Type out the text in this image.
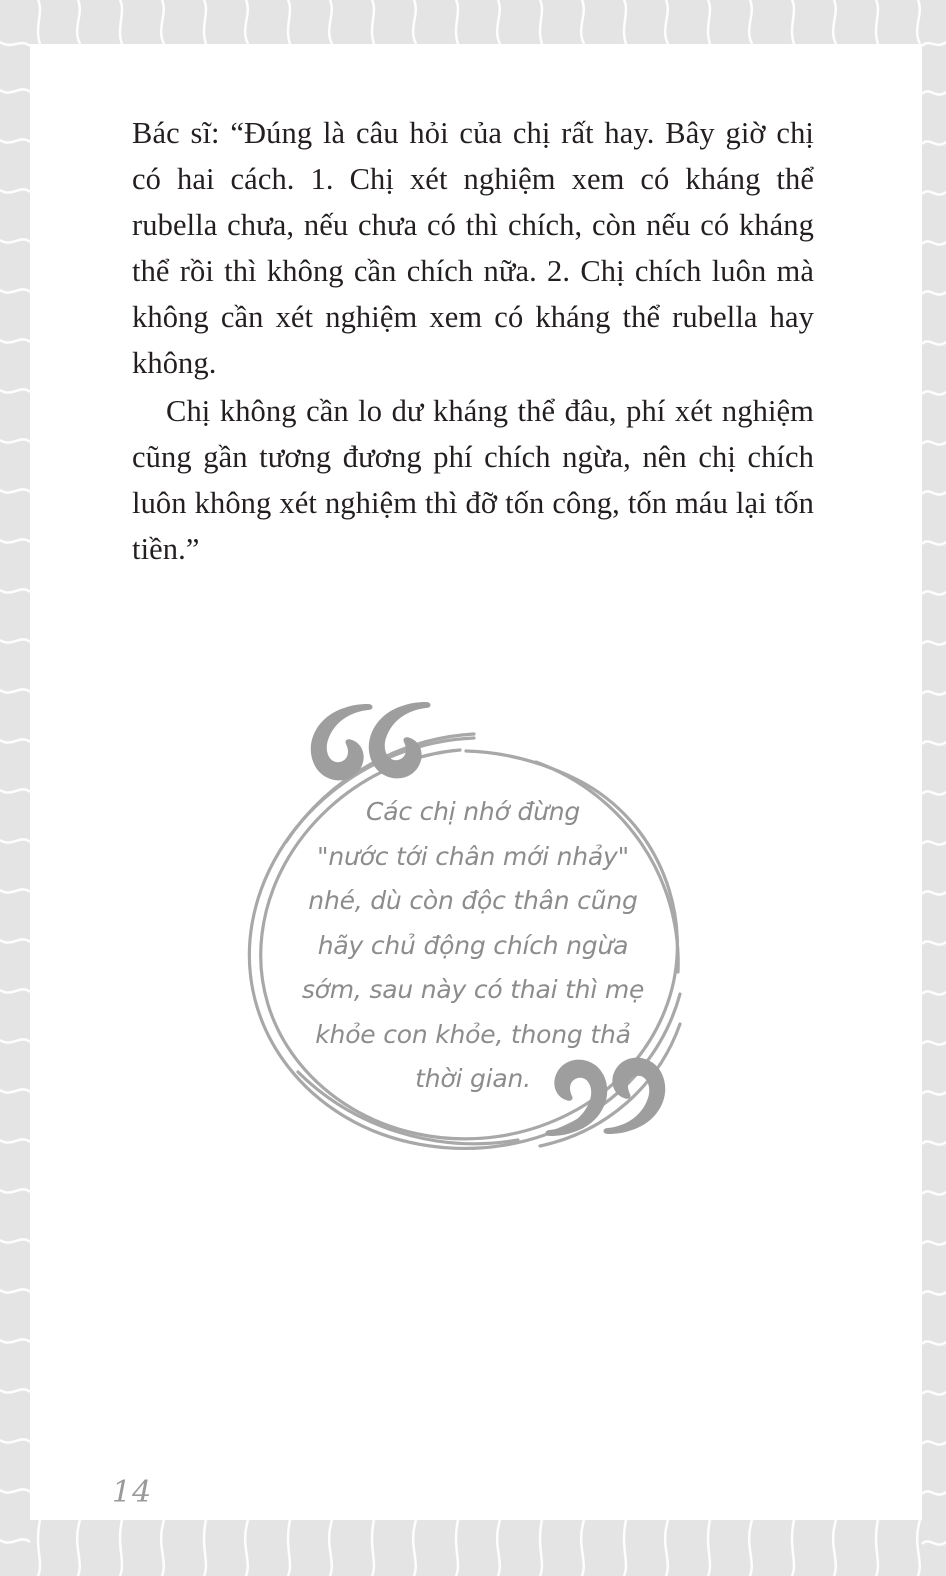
Bác sĩ: “Đúng là câu hỏi của chị rất hay. Bây giờ chị có hai cách. 1. Chị xét nghiệm xem có kháng thể rubella chưa, nếu chưa có thì chích, còn nếu có kháng thể rồi thì không cần chích nữa. 2. Chị chích luôn mà không cần xét nghiệm xem có kháng thể rubella hay không.

Chị không cần lo dư kháng thể đâu, phí xét nghiệm cũng gần tương đương phí chích ngừa, nên chị chích luôn không xét nghiệm thì đỡ tốn công, tốn máu lại tốn tiền.”

Các chị nhớ đừng
"nước tới chân mới nhảy"
nhé, dù còn độc thân cũng
hãy chủ động chích ngừa
sớm, sau này có thai thì mẹ
khỏe con khỏe, thong thả
thời gian.
14
